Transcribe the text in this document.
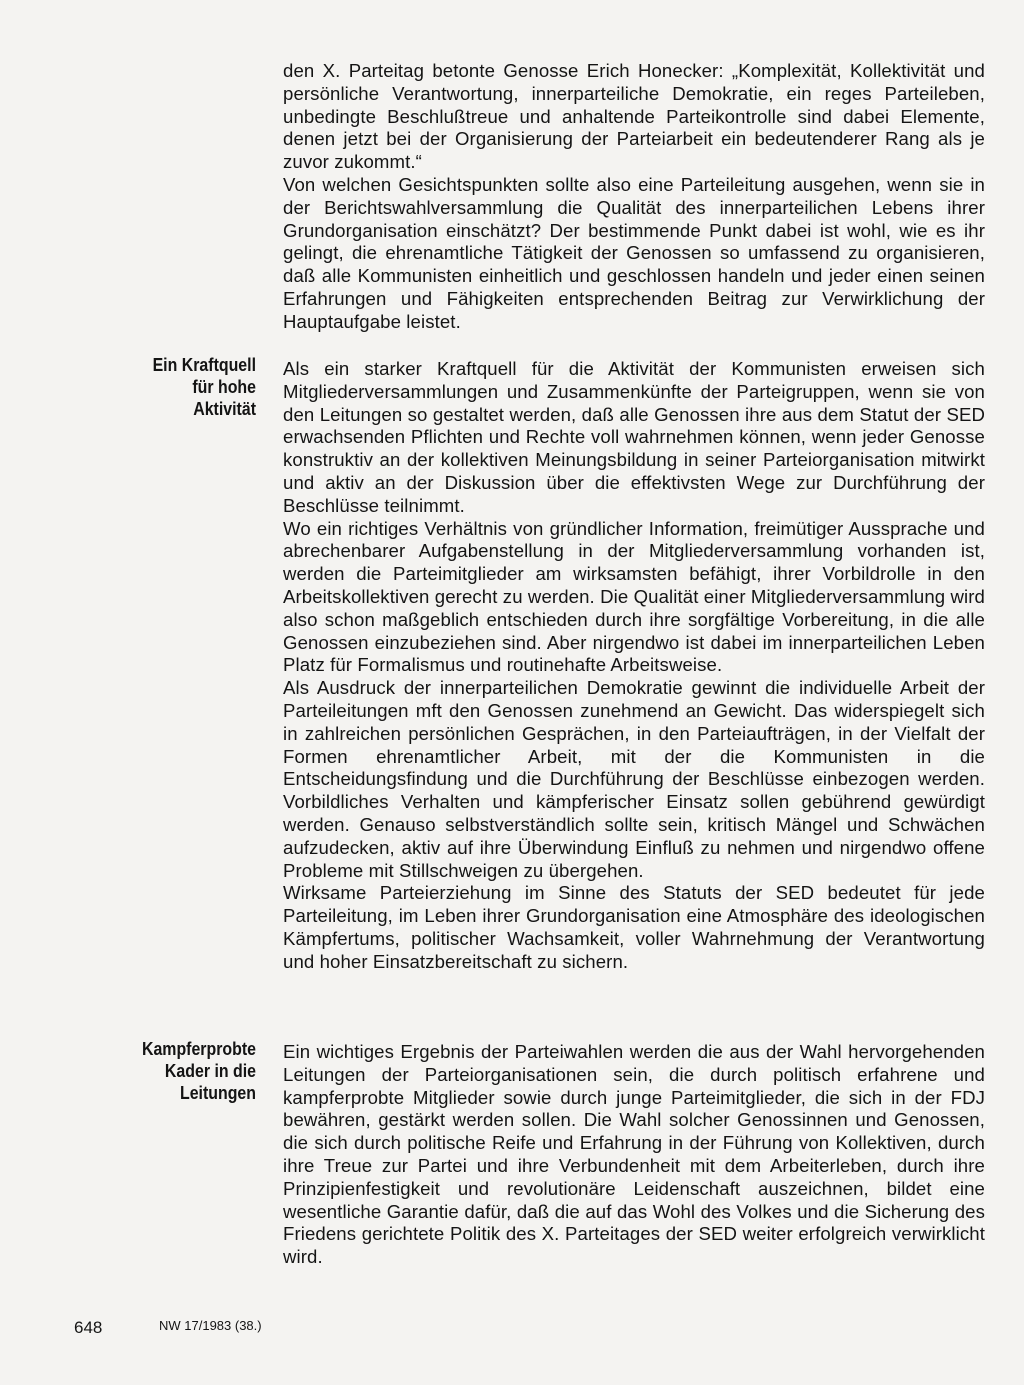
den X. Parteitag betonte Genosse Erich Honecker: „Komplexität, Kollektivität und persönliche Verantwortung, innerparteiliche Demokratie, ein reges Parteileben, unbedingte Beschlußtreue und anhaltende Parteikontrolle sind dabei Elemente, denen jetzt bei der Organisierung der Parteiarbeit ein bedeutenderer Rang als je zuvor zukommt.“

Von welchen Gesichtspunkten sollte also eine Parteileitung ausgehen, wenn sie in der Berichtswahlversammlung die Qualität des innerparteilichen Lebens ihrer Grundorganisation einschätzt? Der bestimmende Punkt dabei ist wohl, wie es ihr gelingt, die ehrenamtliche Tätigkeit der Genossen so umfassend zu organisieren, daß alle Kommunisten einheitlich und geschlossen handeln und jeder einen seinen Erfahrungen und Fähigkeiten entsprechenden Beitrag zur Verwirklichung der Hauptaufgabe leistet.

Ein Kraftquell
für hohe
Aktivität

Als ein starker Kraftquell für die Aktivität der Kommunisten erweisen sich Mitgliederversammlungen und Zusammenkünfte der Parteigruppen, wenn sie von den Leitungen so gestaltet werden, daß alle Genossen ihre aus dem Statut der SED erwachsenden Pflichten und Rechte voll wahrnehmen können, wenn jeder Genosse konstruktiv an der kollektiven Meinungsbildung in seiner Parteiorganisation mitwirkt und aktiv an der Diskussion über die effektivsten Wege zur Durchführung der Beschlüsse teilnimmt.

Wo ein richtiges Verhältnis von gründlicher Information, freimütiger Aussprache und abrechenbarer Aufgabenstellung in der Mitgliederversammlung vorhanden ist, werden die Parteimitglieder am wirksamsten befähigt, ihrer Vorbildrolle in den Arbeitskollektiven gerecht zu werden. Die Qualität einer Mitgliederversammlung wird also schon maßgeblich entschieden durch ihre sorgfältige Vorbereitung, in die alle Genossen einzubeziehen sind. Aber nirgendwo ist dabei im innerparteilichen Leben Platz für Formalismus und routinehafte Arbeitsweise.

Als Ausdruck der innerparteilichen Demokratie gewinnt die individuelle Arbeit der Parteileitungen mft den Genossen zunehmend an Gewicht. Das widerspiegelt sich in zahlreichen persönlichen Gesprächen, in den Parteiaufträgen, in der Vielfalt der Formen ehrenamtlicher Arbeit, mit der die Kommunisten in die Entscheidungsfindung und die Durchführung der Beschlüsse einbezogen werden. Vorbildliches Verhalten und kämpferischer Einsatz sollen gebührend gewürdigt werden. Genauso selbstverständlich sollte sein, kritisch Mängel und Schwächen aufzudecken, aktiv auf ihre Überwindung Einfluß zu nehmen und nirgendwo offene Probleme mit Stillschweigen zu übergehen.

Wirksame Parteierziehung im Sinne des Statuts der SED bedeutet für jede Parteileitung, im Leben ihrer Grundorganisation eine Atmosphäre des ideologischen Kämpfertums, politischer Wachsamkeit, voller Wahrnehmung der Verantwortung und hoher Einsatzbereitschaft zu sichern.

Kampferprobte
Kader in die
Leitungen

Ein wichtiges Ergebnis der Parteiwahlen werden die aus der Wahl hervorgehenden Leitungen der Parteiorganisationen sein, die durch politisch erfahrene und kampferprobte Mitglieder sowie durch junge Parteimitglieder, die sich in der FDJ bewähren, gestärkt werden sollen. Die Wahl solcher Genossinnen und Genossen, die sich durch politische Reife und Erfahrung in der Führung von Kollektiven, durch ihre Treue zur Partei und ihre Verbundenheit mit dem Arbeiterleben, durch ihre Prinzipienfestigkeit und revolutionäre Leidenschaft auszeichnen, bildet eine wesentliche Garantie dafür, daß die auf das Wohl des Volkes und die Sicherung des Friedens gerichtete Politik des X. Parteitages der SED weiter erfolgreich verwirklicht wird.

648	NW 17/1983 (38.)
